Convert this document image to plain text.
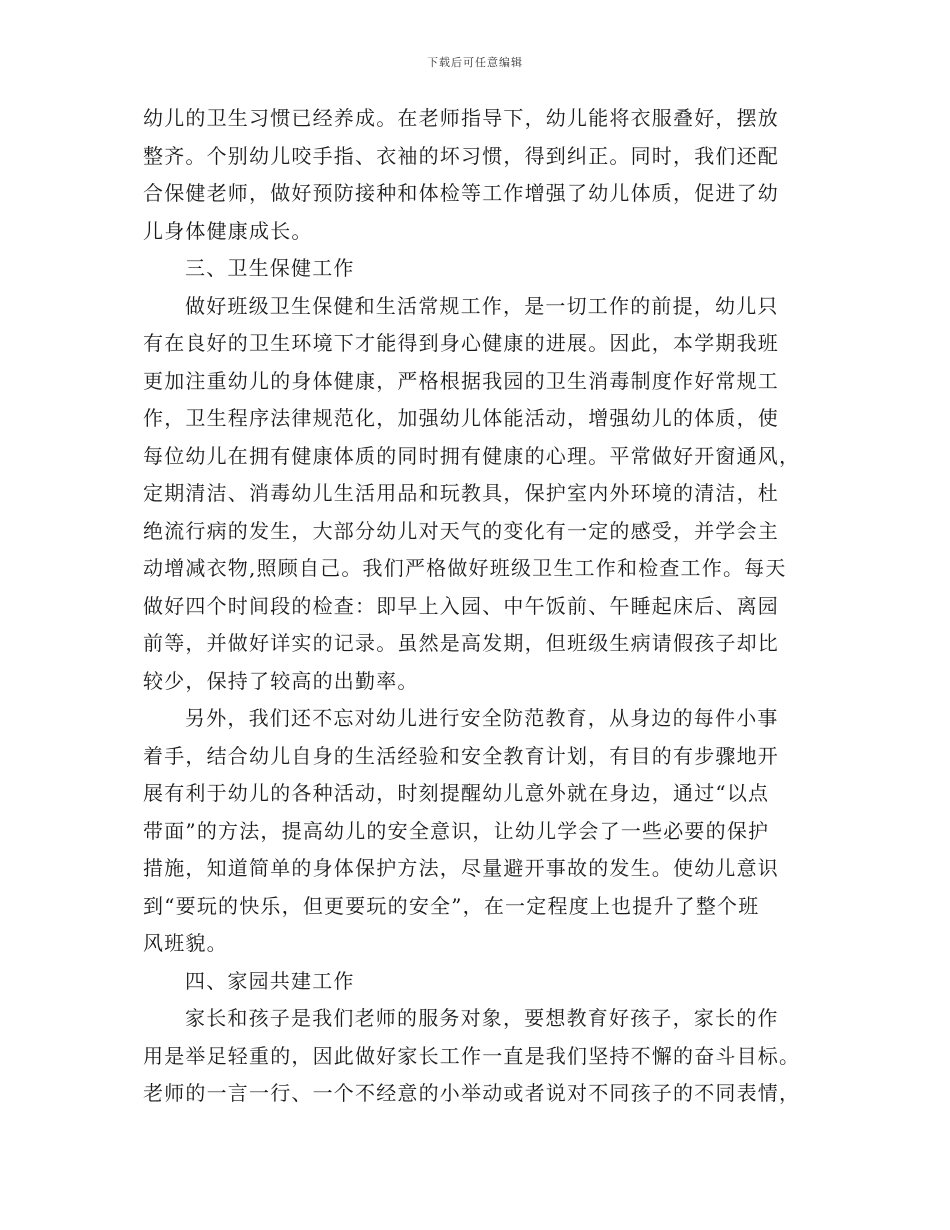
下载后可任意编辑
幼儿的卫生习惯已经养成。在老师指导下，幼儿能将衣服叠好，摆放
整齐。个别幼儿咬手指、衣袖的坏习惯，得到纠正。同时，我们还配
合保健老师，做好预防接种和体检等工作增强了幼儿体质，促进了幼
儿身体健康成长。
三、卫生保健工作
做好班级卫生保健和生活常规工作，是一切工作的前提，幼儿只
有在良好的卫生环境下才能得到身心健康的进展。因此，本学期我班
更加注重幼儿的身体健康，严格根据我园的卫生消毒制度作好常规工
作，卫生程序法律规范化，加强幼儿体能活动，增强幼儿的体质，使
每位幼儿在拥有健康体质的同时拥有健康的心理。平常做好开窗通风，
定期清洁、消毒幼儿生活用品和玩教具，保护室内外环境的清洁，杜
绝流行病的发生，大部分幼儿对天气的变化有一定的感受，并学会主
动增减衣物,照顾自己。我们严格做好班级卫生工作和检查工作。每天
做好四个时间段的检查：即早上入园、中午饭前、午睡起床后、离园
前等，并做好详实的记录。虽然是高发期，但班级生病请假孩子却比
较少，保持了较高的出勤率。
另外，我们还不忘对幼儿进行安全防范教育，从身边的每件小事
着手，结合幼儿自身的生活经验和安全教育计划，有目的有步骤地开
展有利于幼儿的各种活动，时刻提醒幼儿意外就在身边，通过“以点
带面”的方法，提高幼儿的安全意识，让幼儿学会了一些必要的保护
措施，知道简单的身体保护方法，尽量避开事故的发生。使幼儿意识
到“要玩的快乐，但更要玩的安全”，在一定程度上也提升了整个班
风班貌。
四、家园共建工作
家长和孩子是我们老师的服务对象，要想教育好孩子，家长的作
用是举足轻重的，因此做好家长工作一直是我们坚持不懈的奋斗目标。
老师的一言一行、一个不经意的小举动或者说对不同孩子的不同表情，
